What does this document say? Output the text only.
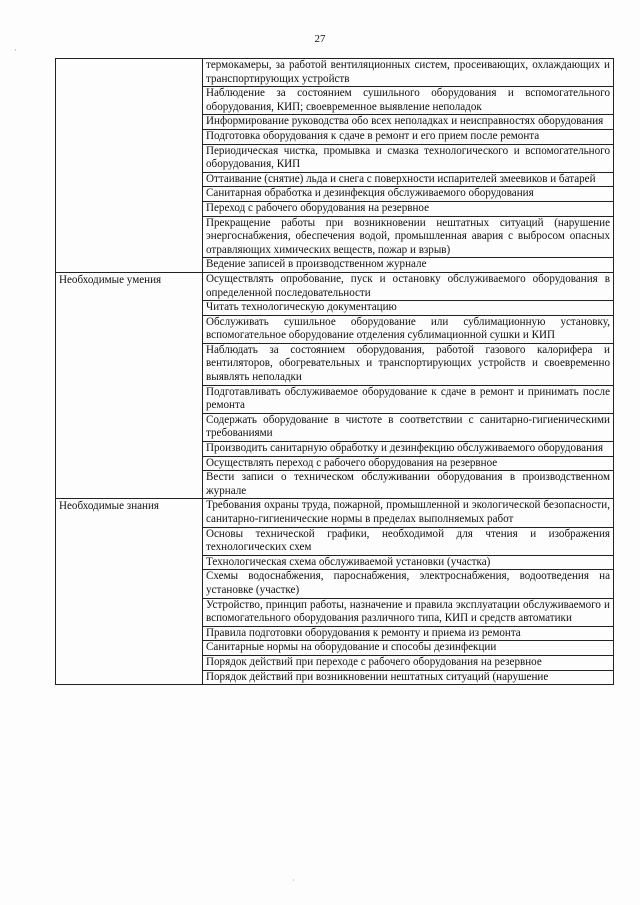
27
	термокамеры, за работой вентиляционных систем, просеивающих, охлаждающих и транспортирующих устройств
	Наблюдение за состоянием сушильного оборудования и вспомогательного оборудования, КИП; своевременное выявление неполадок
	Информирование руководства обо всех неполадках и неисправностях оборудования
	Подготовка оборудования к сдаче в ремонт и его прием после ремонта
	Периодическая чистка, промывка и смазка технологического и вспомогательного оборудования, КИП
	Оттаивание (снятие) льда и снега с поверхности испарителей змеевиков и батарей
	Санитарная обработка и дезинфекция обслуживаемого оборудования
	Переход с рабочего оборудования на резервное
	Прекращение работы при возникновении нештатных ситуаций (нарушение энергоснабжения, обеспечения водой, промышленная авария с выбросом опасных отравляющих химических веществ, пожар и взрыв)
	Ведение записей в производственном журнале

Необходимые умения	Осуществлять опробование, пуск и остановку обслуживаемого оборудования в определенной последовательности
	Читать технологическую документацию
	Обслуживать сушильное оборудование или сублимационную установку, вспомогательное оборудование отделения сублимационной сушки и КИП
	Наблюдать за состоянием оборудования, работой газового калорифера и вентиляторов, обогревательных и транспортирующих устройств и своевременно выявлять неполадки
	Подготавливать обслуживаемое оборудование к сдаче в ремонт и принимать после ремонта
	Содержать оборудование в чистоте в соответствии с санитарно-гигиеническими требованиями
	Производить санитарную обработку и дезинфекцию обслуживаемого оборудования
	Осуществлять переход с рабочего оборудования на резервное
	Вести записи о техническом обслуживании оборудования в производственном журнале

Необходимые знания	Требования охраны труда, пожарной, промышленной и экологической безопасности, санитарно-гигиенические нормы в пределах выполняемых работ
	Основы технической графики, необходимой для чтения и изображения технологических схем
	Технологическая схема обслуживаемой установки (участка)
	Схемы водоснабжения, пароснабжения, электроснабжения, водоотведения на установке (участке)
	Устройство, принцип работы, назначение и правила эксплуатации обслуживаемого и вспомогательного оборудования различного типа, КИП и средств автоматики
	Правила подготовки оборудования к ремонту и приема из ремонта
	Санитарные нормы на оборудование и способы дезинфекции
	Порядок действий при переходе с рабочего оборудования на резервное
	Порядок действий при возникновении нештатных ситуаций (нарушение
·
·
